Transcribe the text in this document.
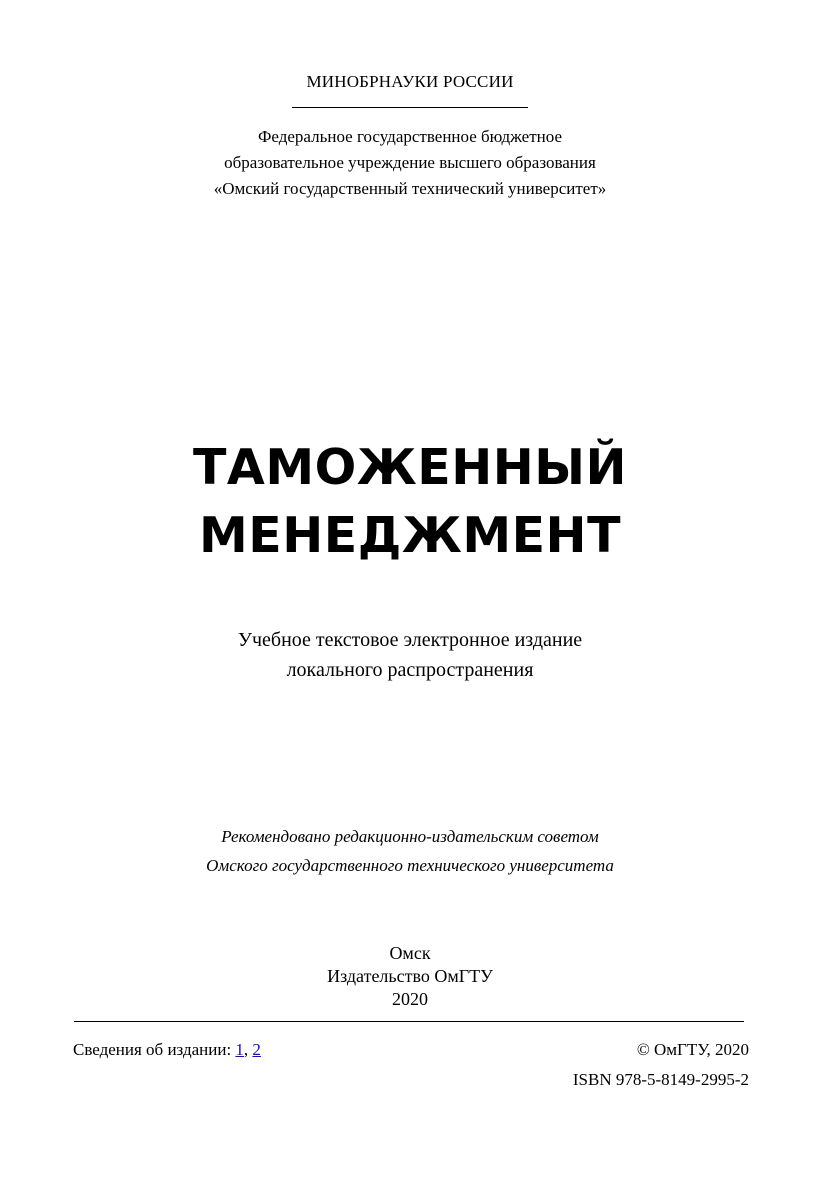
МИНОБРНАУКИ РОССИИ
Федеральное государственное бюджетное
образовательное учреждение высшего образования
«Омский государственный технический университет»
ТАМОЖЕННЫЙ
МЕНЕДЖМЕНТ
Учебное текстовое электронное издание
локального распространения
Рекомендовано редакционно-издательским советом
Омского государственного технического университета
Омск
Издательство ОмГТУ
2020
Сведения об издании: 1, 2	© ОмГТУ, 2020
ISBN 978-5-8149-2995-2
